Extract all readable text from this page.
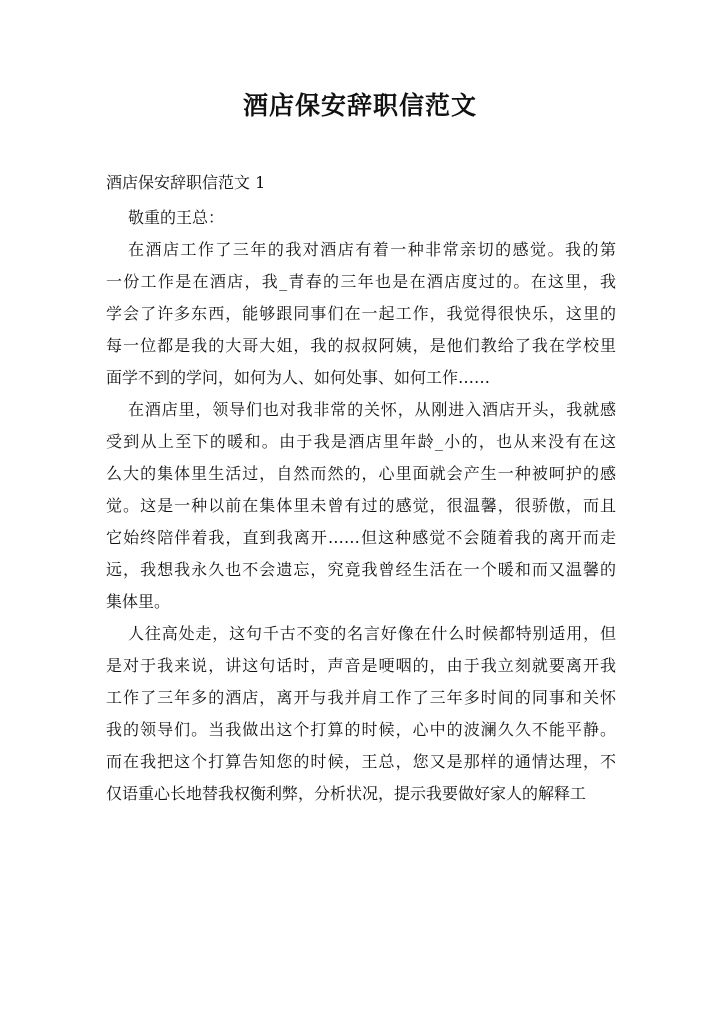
酒店保安辞职信范文

酒店保安辞职信范文 1

敬重的王总：

在酒店工作了三年的我对酒店有着一种非常亲切的感觉。我的第
一份工作是在酒店，我_青春的三年也是在酒店度过的。在这里，我
学会了许多东西，能够跟同事们在一起工作，我觉得很快乐，这里的
每一位都是我的大哥大姐，我的叔叔阿姨，是他们教给了我在学校里
面学不到的学问，如何为人、如何处事、如何工作……
在酒店里，领导们也对我非常的关怀，从刚进入酒店开头，我就感
受到从上至下的暖和。由于我是酒店里年龄_小的，也从来没有在这
么大的集体里生活过，自然而然的，心里面就会产生一种被呵护的感
觉。这是一种以前在集体里未曾有过的感觉，很温馨，很骄傲，而且
它始终陪伴着我，直到我离开……但这种感觉不会随着我的离开而走
远，我想我永久也不会遗忘，究竟我曾经生活在一个暖和而又温馨的
集体里。
人往高处走，这句千古不变的名言好像在什么时候都特别适用，但
是对于我来说，讲这句话时，声音是哽咽的，由于我立刻就要离开我
工作了三年多的酒店，离开与我并肩工作了三年多时间的同事和关怀
我的领导们。当我做出这个打算的时候，心中的波澜久久不能平静。
而在我把这个打算告知您的时候，王总，您又是那样的通情达理，不
仅语重心长地替我权衡利弊，分析状况，提示我要做好家人的解释工
